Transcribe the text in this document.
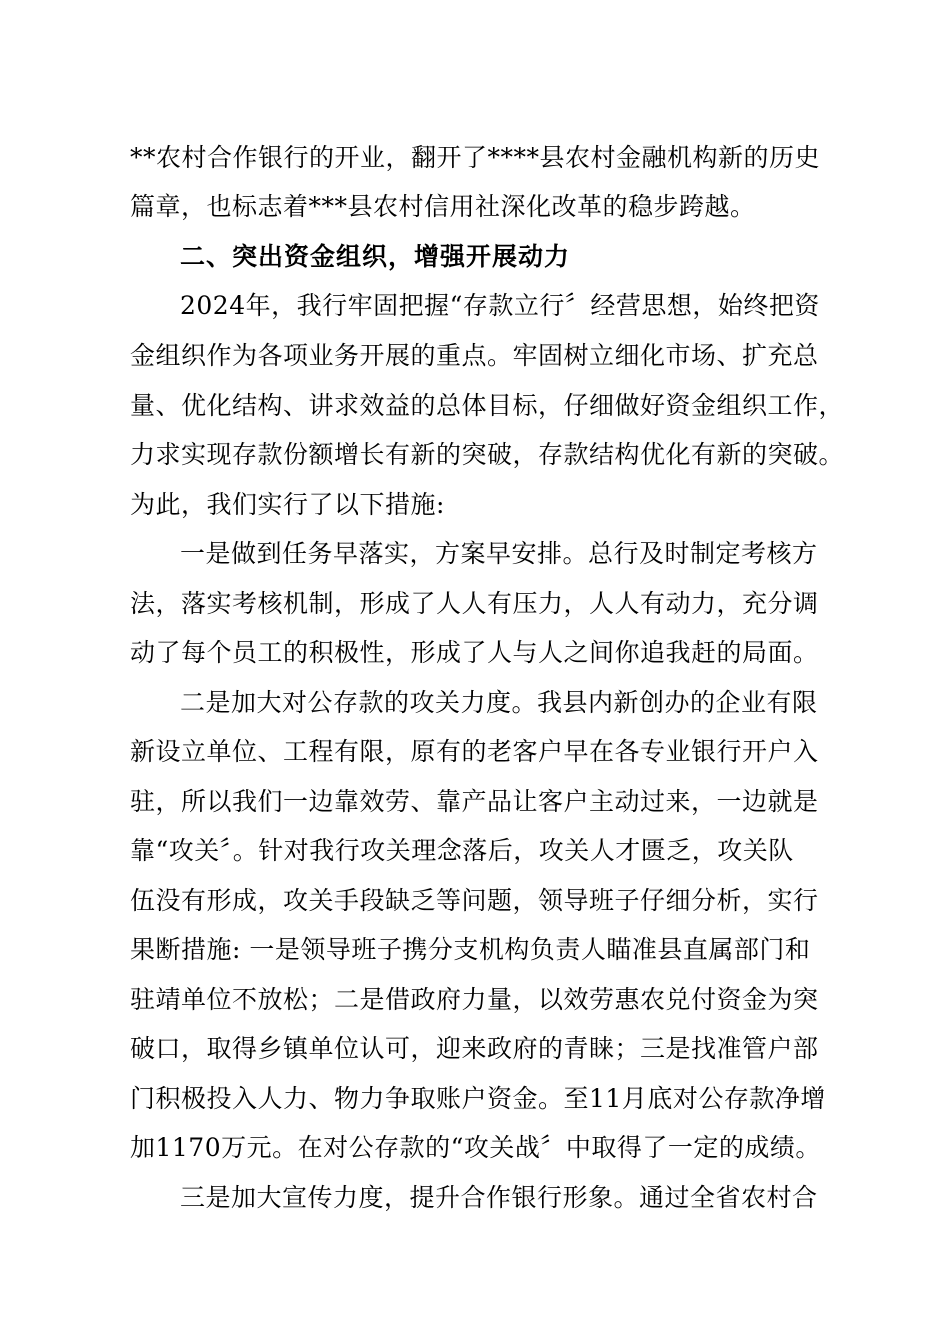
**农村合作银行的开业，翻开了****县农村金融机构新的历史
篇章，也标志着***县农村信用社深化改革的稳步跨越。
二、突出资金组织，增强开展动力
2024年，我行牢固把握“存款立行〞经营思想，始终把资
金组织作为各项业务开展的重点。牢固树立细化市场、扩充总
量、优化结构、讲求效益的总体目标，仔细做好资金组织工作，
力求实现存款份额增长有新的突破，存款结构优化有新的突破。
为此，我们实行了以下措施:
一是做到任务早落实，方案早安排。总行及时制定考核方
法，落实考核机制，形成了人人有压力，人人有动力，充分调
动了每个员工的积极性，形成了人与人之间你追我赶的局面。
二是加大对公存款的攻关力度。我县内新创办的企业有限
新设立单位、工程有限，原有的老客户早在各专业银行开户入
驻，所以我们一边靠效劳、靠产品让客户主动过来，一边就是
靠“攻关〞。针对我行攻关理念落后，攻关人才匮乏，攻关队
伍没有形成，攻关手段缺乏等问题，领导班子仔细分析，实行
果断措施: 一是领导班子携分支机构负责人瞄准县直属部门和
驻靖单位不放松；二是借政府力量，以效劳惠农兑付资金为突
破口，取得乡镇单位认可，迎来政府的青睐；三是找准管户部
门积极投入人力、物力争取账户资金。至11月底对公存款净增
加1170万元。在对公存款的“攻关战〞中取得了一定的成绩。
三是加大宣传力度，提升合作银行形象。通过全省农村合
